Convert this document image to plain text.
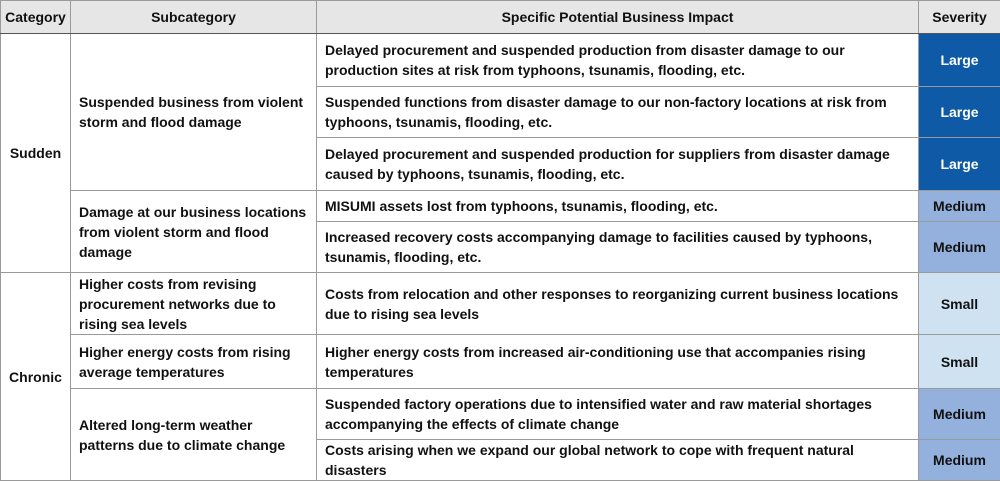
Category	Subcategory	Specific Potential Business Impact	Severity
Sudden	Suspended business from violent storm and flood damage	Delayed procurement and suspended production from disaster damage to our production sites at risk from typhoons, tsunamis, flooding, etc.	Large
		Suspended functions from disaster damage to our non-factory locations at risk from typhoons, tsunamis, flooding, etc.	Large
		Delayed procurement and suspended production for suppliers from disaster damage caused by typhoons, tsunamis, flooding, etc.	Large
	Damage at our business locations from violent storm and flood damage	MISUMI assets lost from typhoons, tsunamis, flooding, etc.	Medium
		Increased recovery costs accompanying damage to facilities caused by typhoons, tsunamis, flooding, etc.	Medium
Chronic	Higher costs from revising procurement networks due to rising sea levels	Costs from relocation and other responses to reorganizing current business locations due to rising sea levels	Small
	Higher energy costs from rising average temperatures	Higher energy costs from increased air-conditioning use that accompanies rising temperatures	Small
	Altered long-term weather patterns due to climate change	Suspended factory operations due to intensified water and raw material shortages accompanying the effects of climate change	Medium
		Costs arising when we expand our global network to cope with frequent natural disasters	Medium
